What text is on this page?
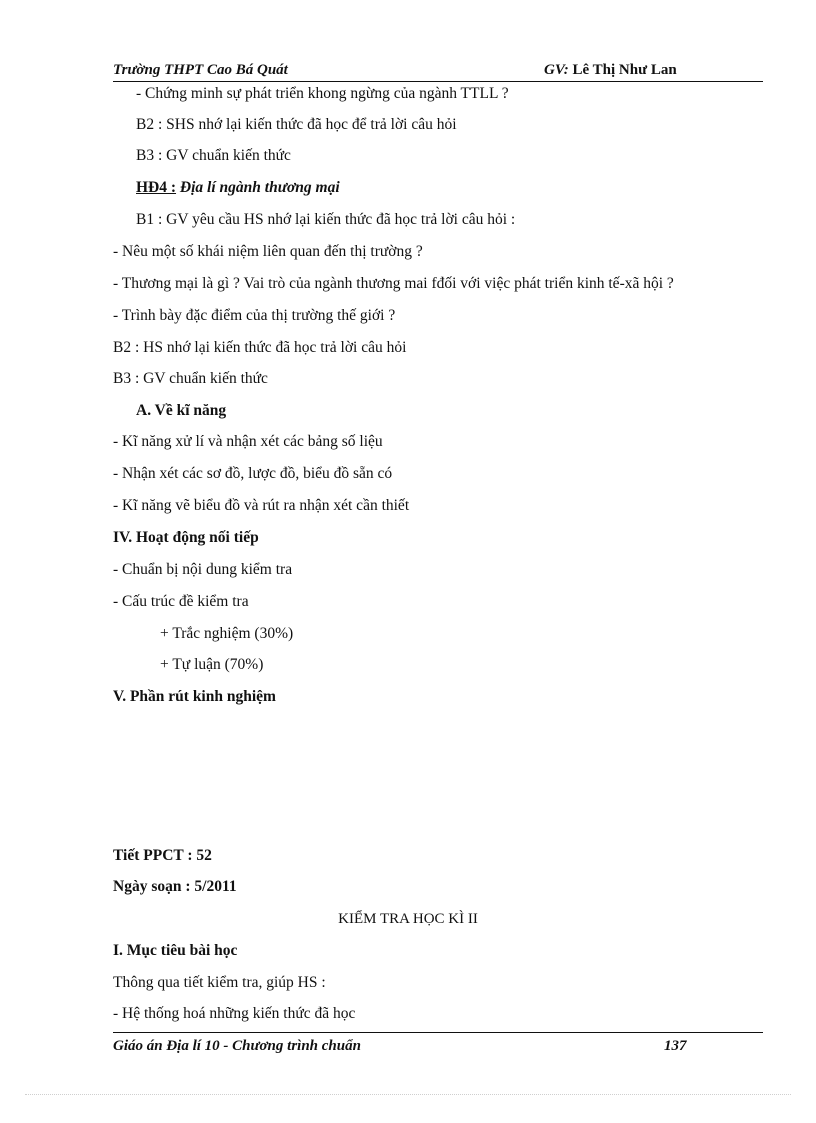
Trường THPT Cao Bá Quát	GV: Lê Thị Như Lan
- Chứng minh sự phát triển khong ngừng của ngành TTLL ?
B2 : SHS nhớ lại kiến thức đã học để trả lời câu hỏi
B3 : GV chuẩn kiến thức
HĐ4 : Địa lí ngành thương mại
B1 : GV yêu cầu HS nhớ lại kiến thức đã học trả lời câu hỏi :
- Nêu một số khái niệm liên quan đến thị trường ?
- Thương mại là gì ? Vai trò của ngành thương mai fđối với việc phát triển kinh tế-xã hội ?
- Trình bày đặc điểm của thị trường thế giới ?
B2 : HS nhớ lại kiến thức đã học trả lời câu hỏi
B3 : GV chuẩn kiến thức
A. Về kĩ năng
- Kĩ năng xử lí và nhận xét các bảng số liệu
- Nhận xét các sơ đồ, lược đồ, biểu đồ sẵn có
- Kĩ năng vẽ biểu đồ và rút ra nhận xét cần thiết
IV. Hoạt động nối tiếp
- Chuẩn bị nội dung kiểm tra
- Cấu trúc đề kiểm tra
+ Trắc nghiệm (30%)
+ Tự luận (70%)
V. Phần rút kinh nghiệm
Tiết PPCT : 52
Ngày soạn : 5/2011
KIỂM TRA HỌC KÌ II
I. Mục tiêu bài học
Thông qua tiết kiểm tra, giúp HS :
- Hệ thống hoá những kiến thức đã học
Giáo án Địa lí 10 - Chương trình chuẩn	137
